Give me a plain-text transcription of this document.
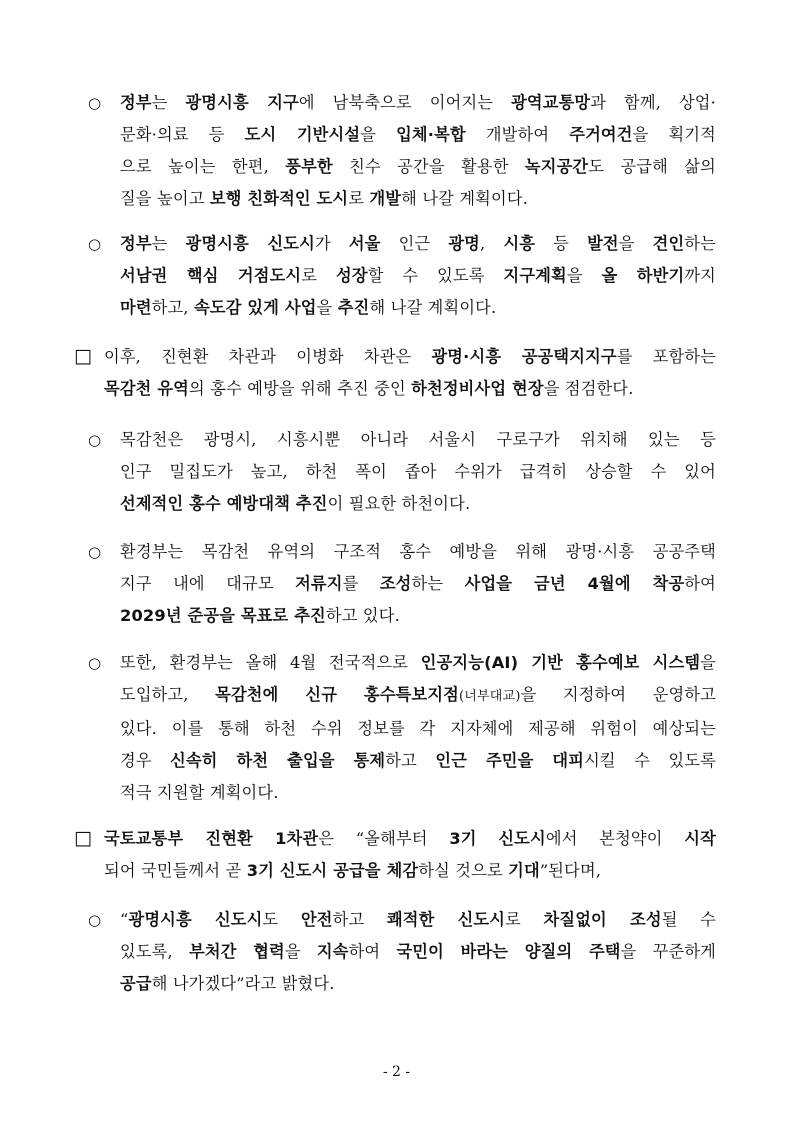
○ 정부는 광명시흥 지구에 남북축으로 이어지는 광역교통망과 함께, 상업·
문화·의료 등 도시 기반시설을 입체·복합 개발하여 주거여건을 획기적
으로 높이는 한편, 풍부한 친수 공간을 활용한 녹지공간도 공급해 삶의
질을 높이고 보행 친화적인 도시로 개발해 나갈 계획이다.
○ 정부는 광명시흥 신도시가 서울 인근 광명, 시흥 등 발전을 견인하는
서남권 핵심 거점도시로 성장할 수 있도록 지구계획을 올 하반기까지
마련하고, 속도감 있게 사업을 추진해 나갈 계획이다.
□ 이후, 진현환 차관과 이병화 차관은 광명·시흥 공공택지지구를 포함하는
목감천 유역의 홍수 예방을 위해 추진 중인 하천정비사업 현장을 점검한다.
○ 목감천은 광명시, 시흥시뿐 아니라 서울시 구로구가 위치해 있는 등
인구 밀집도가 높고, 하천 폭이 좁아 수위가 급격히 상승할 수 있어
선제적인 홍수 예방대책 추진이 필요한 하천이다.
○ 환경부는 목감천 유역의 구조적 홍수 예방을 위해 광명·시흥 공공주택
지구 내에 대규모 저류지를 조성하는 사업을 금년 4월에 착공하여
2029년 준공을 목표로 추진하고 있다.
○ 또한, 환경부는 올해 4월 전국적으로 인공지능(AI) 기반 홍수예보 시스템을
도입하고, 목감천에 신규 홍수특보지점(너부대교)을 지정하여 운영하고
있다. 이를 통해 하천 수위 정보를 각 지자체에 제공해 위험이 예상되는
경우 신속히 하천 출입을 통제하고 인근 주민을 대피시킬 수 있도록
적극 지원할 계획이다.
□ 국토교통부 진현환 1차관은 “올해부터 3기 신도시에서 본청약이 시작
되어 국민들께서 곧 3기 신도시 공급을 체감하실 것으로 기대”된다며,
○ “광명시흥 신도시도 안전하고 쾌적한 신도시로 차질없이 조성될 수
있도록, 부처간 협력을 지속하여 국민이 바라는 양질의 주택을 꾸준하게
공급해 나가겠다”라고 밝혔다.
- 2 -
